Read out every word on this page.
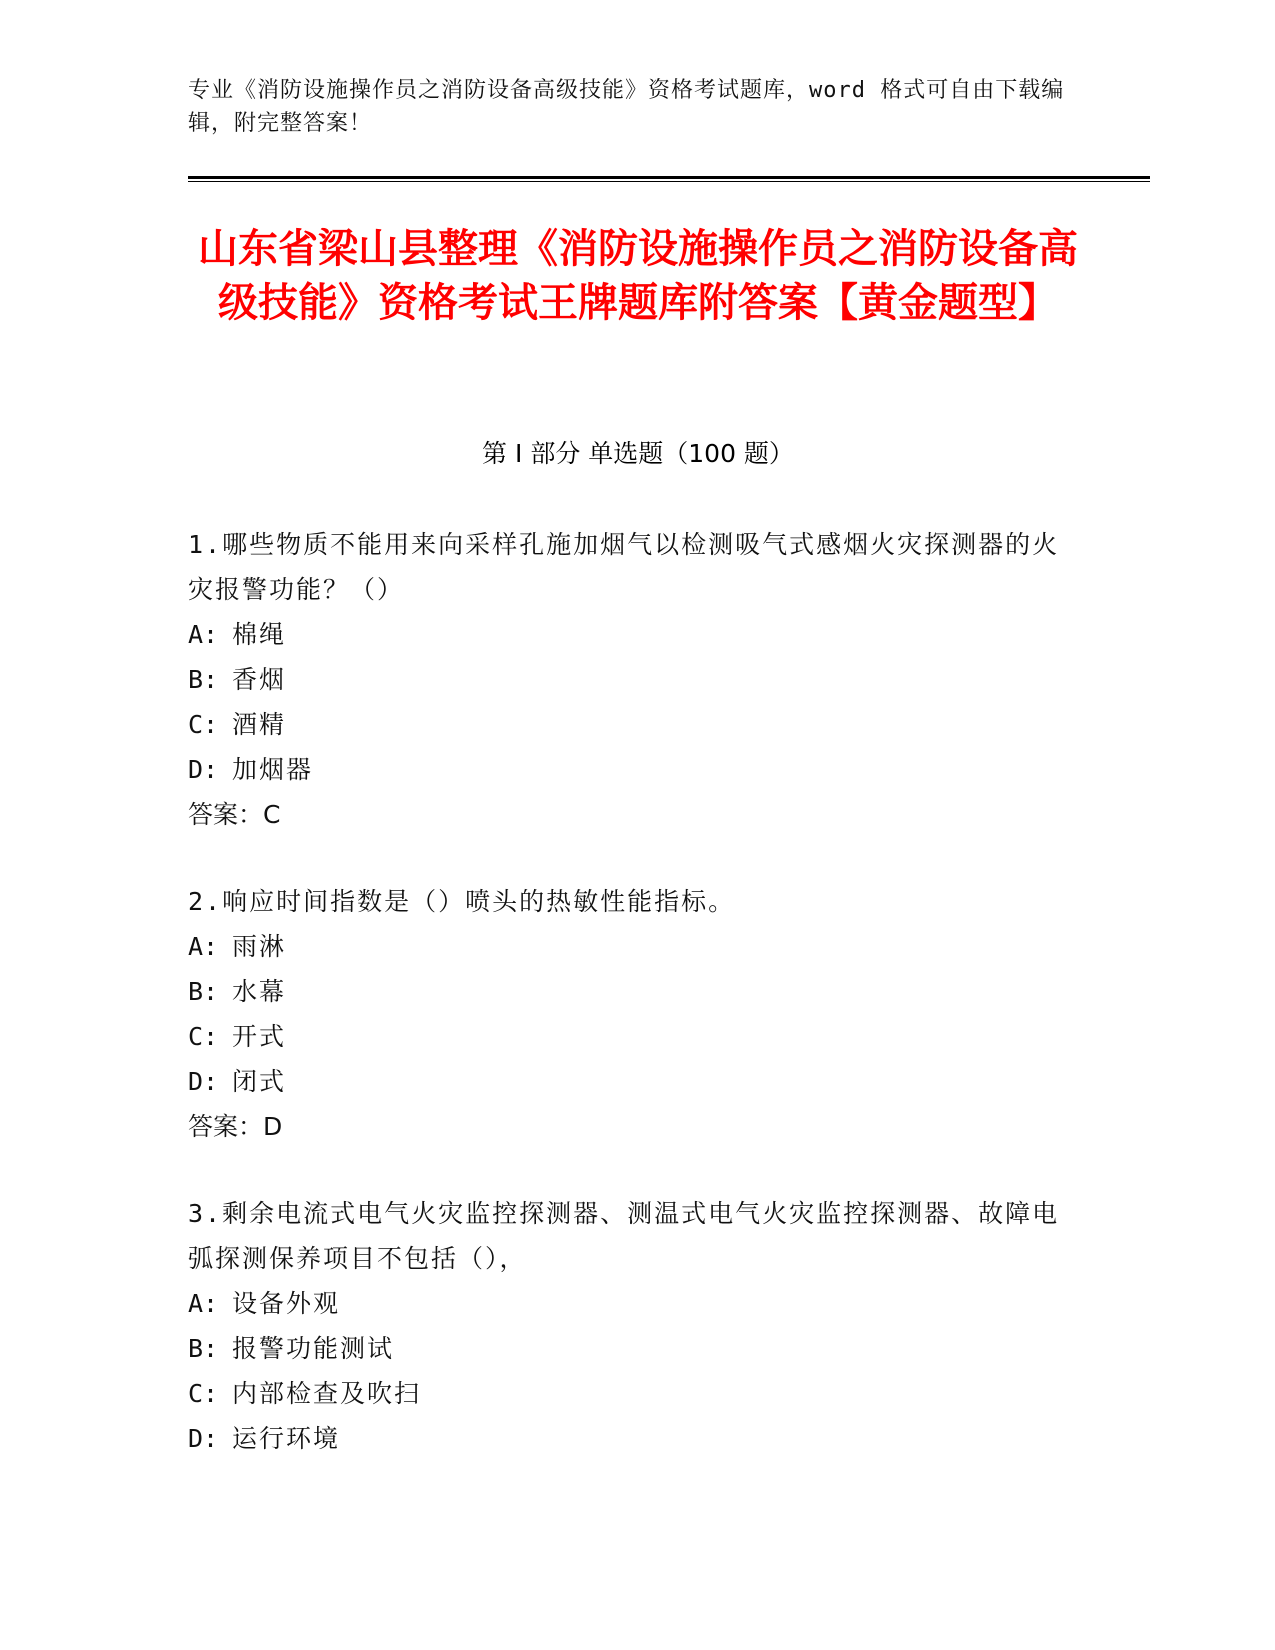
专业《消防设施操作员之消防设备高级技能》资格考试题库，word 格式可自由下载编辑，附完整答案！
山东省梁山县整理《消防设施操作员之消防设备高级技能》资格考试王牌题库附答案【黄金题型】
第 I 部分 单选题（100 题）
1.哪些物质不能用来向采样孔施加烟气以检测吸气式感烟火灾探测器的火灾报警功能？（）
A: 棉绳
B: 香烟
C: 酒精
D: 加烟器
答案：C
2.响应时间指数是（）喷头的热敏性能指标。
A: 雨淋
B: 水幕
C: 开式
D: 闭式
答案：D
3.剩余电流式电气火灾监控探测器、测温式电气火灾监控探测器、故障电弧探测保养项目不包括（），
A: 设备外观
B: 报警功能测试
C: 内部检查及吹扫
D: 运行环境
